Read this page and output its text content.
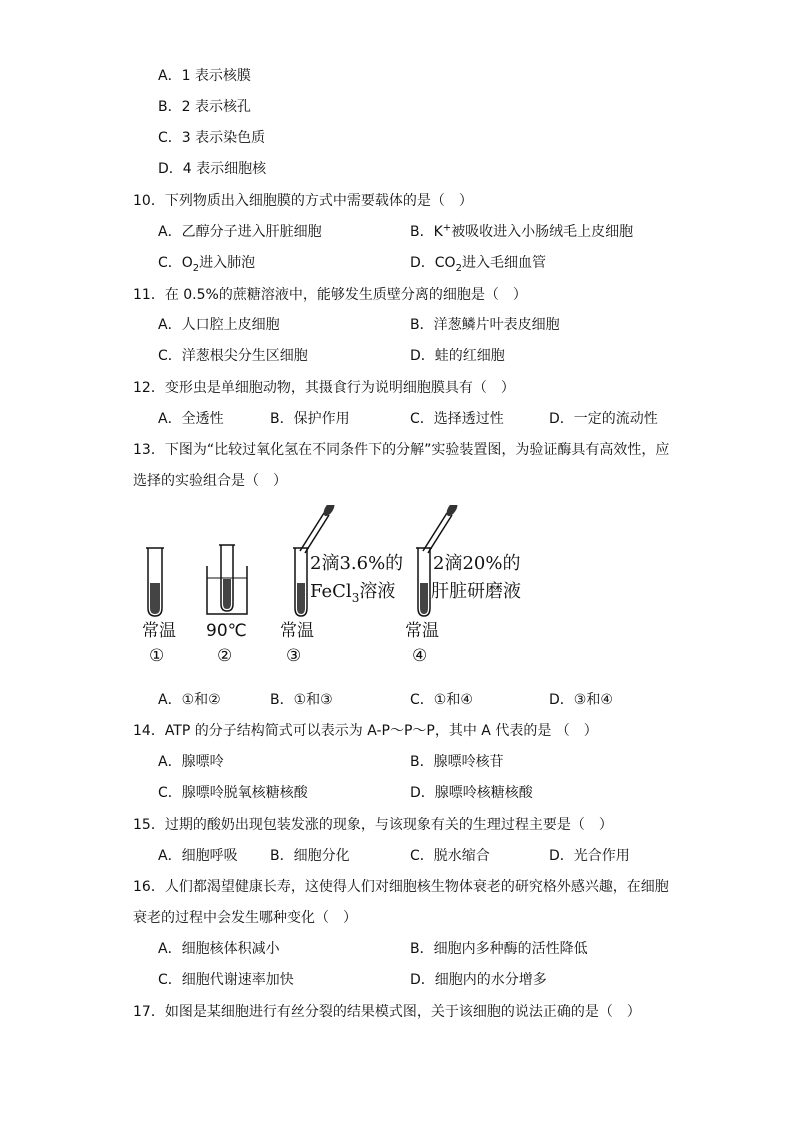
A．1 表示核膜
B．2 表示核孔
C．3 表示染色质
D．4 表示细胞核
10．下列物质出入细胞膜的方式中需要载体的是（　）
A．乙醇分子进入肝脏细胞	B．K+被吸收进入小肠绒毛上皮细胞
C．$O_2$进入肺泡	D．$CO_2$进入毛细血管
11．在 0.5%的蔗糖溶液中，能够发生质壁分离的细胞是（　）
A．人口腔上皮细胞	B．洋葱鳞片叶表皮细胞
C．洋葱根尖分生区细胞	D．蛙的红细胞
12．变形虫是单细胞动物，其摄食行为说明细胞膜具有（　）
A．全透性	B．保护作用	C．选择透过性	D．一定的流动性
13．下图为“比较过氧化氢在不同条件下的分解”实验装置图，为验证酶具有高效性，应
选择的实验组合是（　）
常温
①
90℃
②
2滴3.6%的
FeCl$_3$溶液
常温
③
2滴20%的
肝脏研磨液
常温
④
A．①和②	B．①和③	C．①和④	D．③和④
14．ATP 的分子结构简式可以表示为 A-P～P～P，其中 A 代表的是 （　）
A．腺嘌呤	B．腺嘌呤核苷
C．腺嘌呤脱氧核糖核酸	D．腺嘌呤核糖核酸
15．过期的酸奶出现包装发涨的现象，与该现象有关的生理过程主要是（　）
A．细胞呼吸 B．细胞分化	C．脱水缩合	D．光合作用
16．人们都渴望健康长寿，这使得人们对细胞核生物体衰老的研究格外感兴趣，在细胞
衰老的过程中会发生哪种变化（　）
A．细胞核体积减小	B．细胞内多种酶的活性降低
C．细胞代谢速率加快	D．细胞内的水分增多
17．如图是某细胞进行有丝分裂的结果模式图，关于该细胞的说法正确的是（　）
